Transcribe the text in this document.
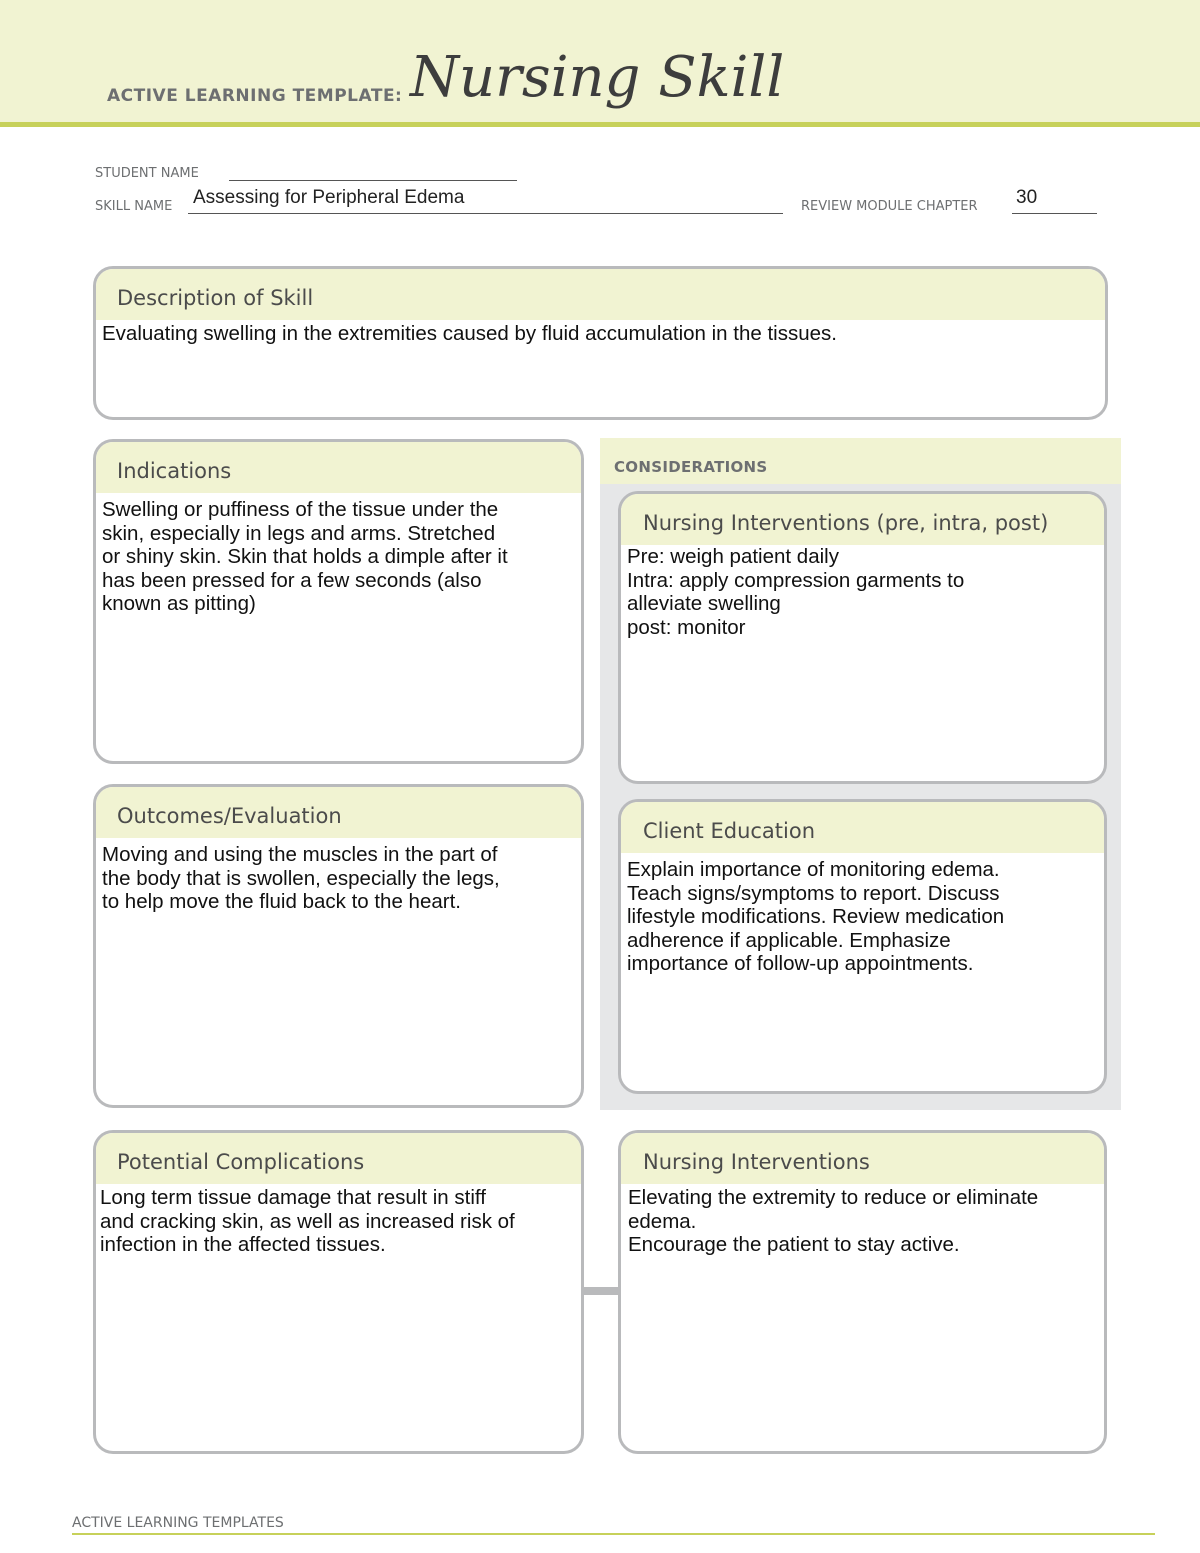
ACTIVE LEARNING TEMPLATE: Nursing Skill
STUDENT NAME
SKILL NAME Assessing for Peripheral Edema	REVIEW MODULE CHAPTER 30
Description of Skill
Evaluating swelling in the extremities caused by fluid accumulation in the tissues.
Indications
Swelling or puffiness of the tissue under the
skin, especially in legs and arms. Stretched
or shiny skin. Skin that holds a dimple after it
has been pressed for a few seconds (also
known as pitting)
CONSIDERATIONS
Nursing Interventions (pre, intra, post)
Pre: weigh patient daily
Intra: apply compression garments to
alleviate swelling
post: monitor
Outcomes/Evaluation
Moving and using the muscles in the part of
the body that is swollen, especially the legs,
to help move the fluid back to the heart.
Client Education
Explain importance of monitoring edema.
Teach signs/symptoms to report. Discuss
lifestyle modifications. Review medication
adherence if applicable. Emphasize
importance of follow-up appointments.
Potential Complications
Long term tissue damage that result in stiff
and cracking skin, as well as increased risk of
infection in the affected tissues.
Nursing Interventions
Elevating the extremity to reduce or eliminate
edema.
Encourage the patient to stay active.
ACTIVE LEARNING TEMPLATES
